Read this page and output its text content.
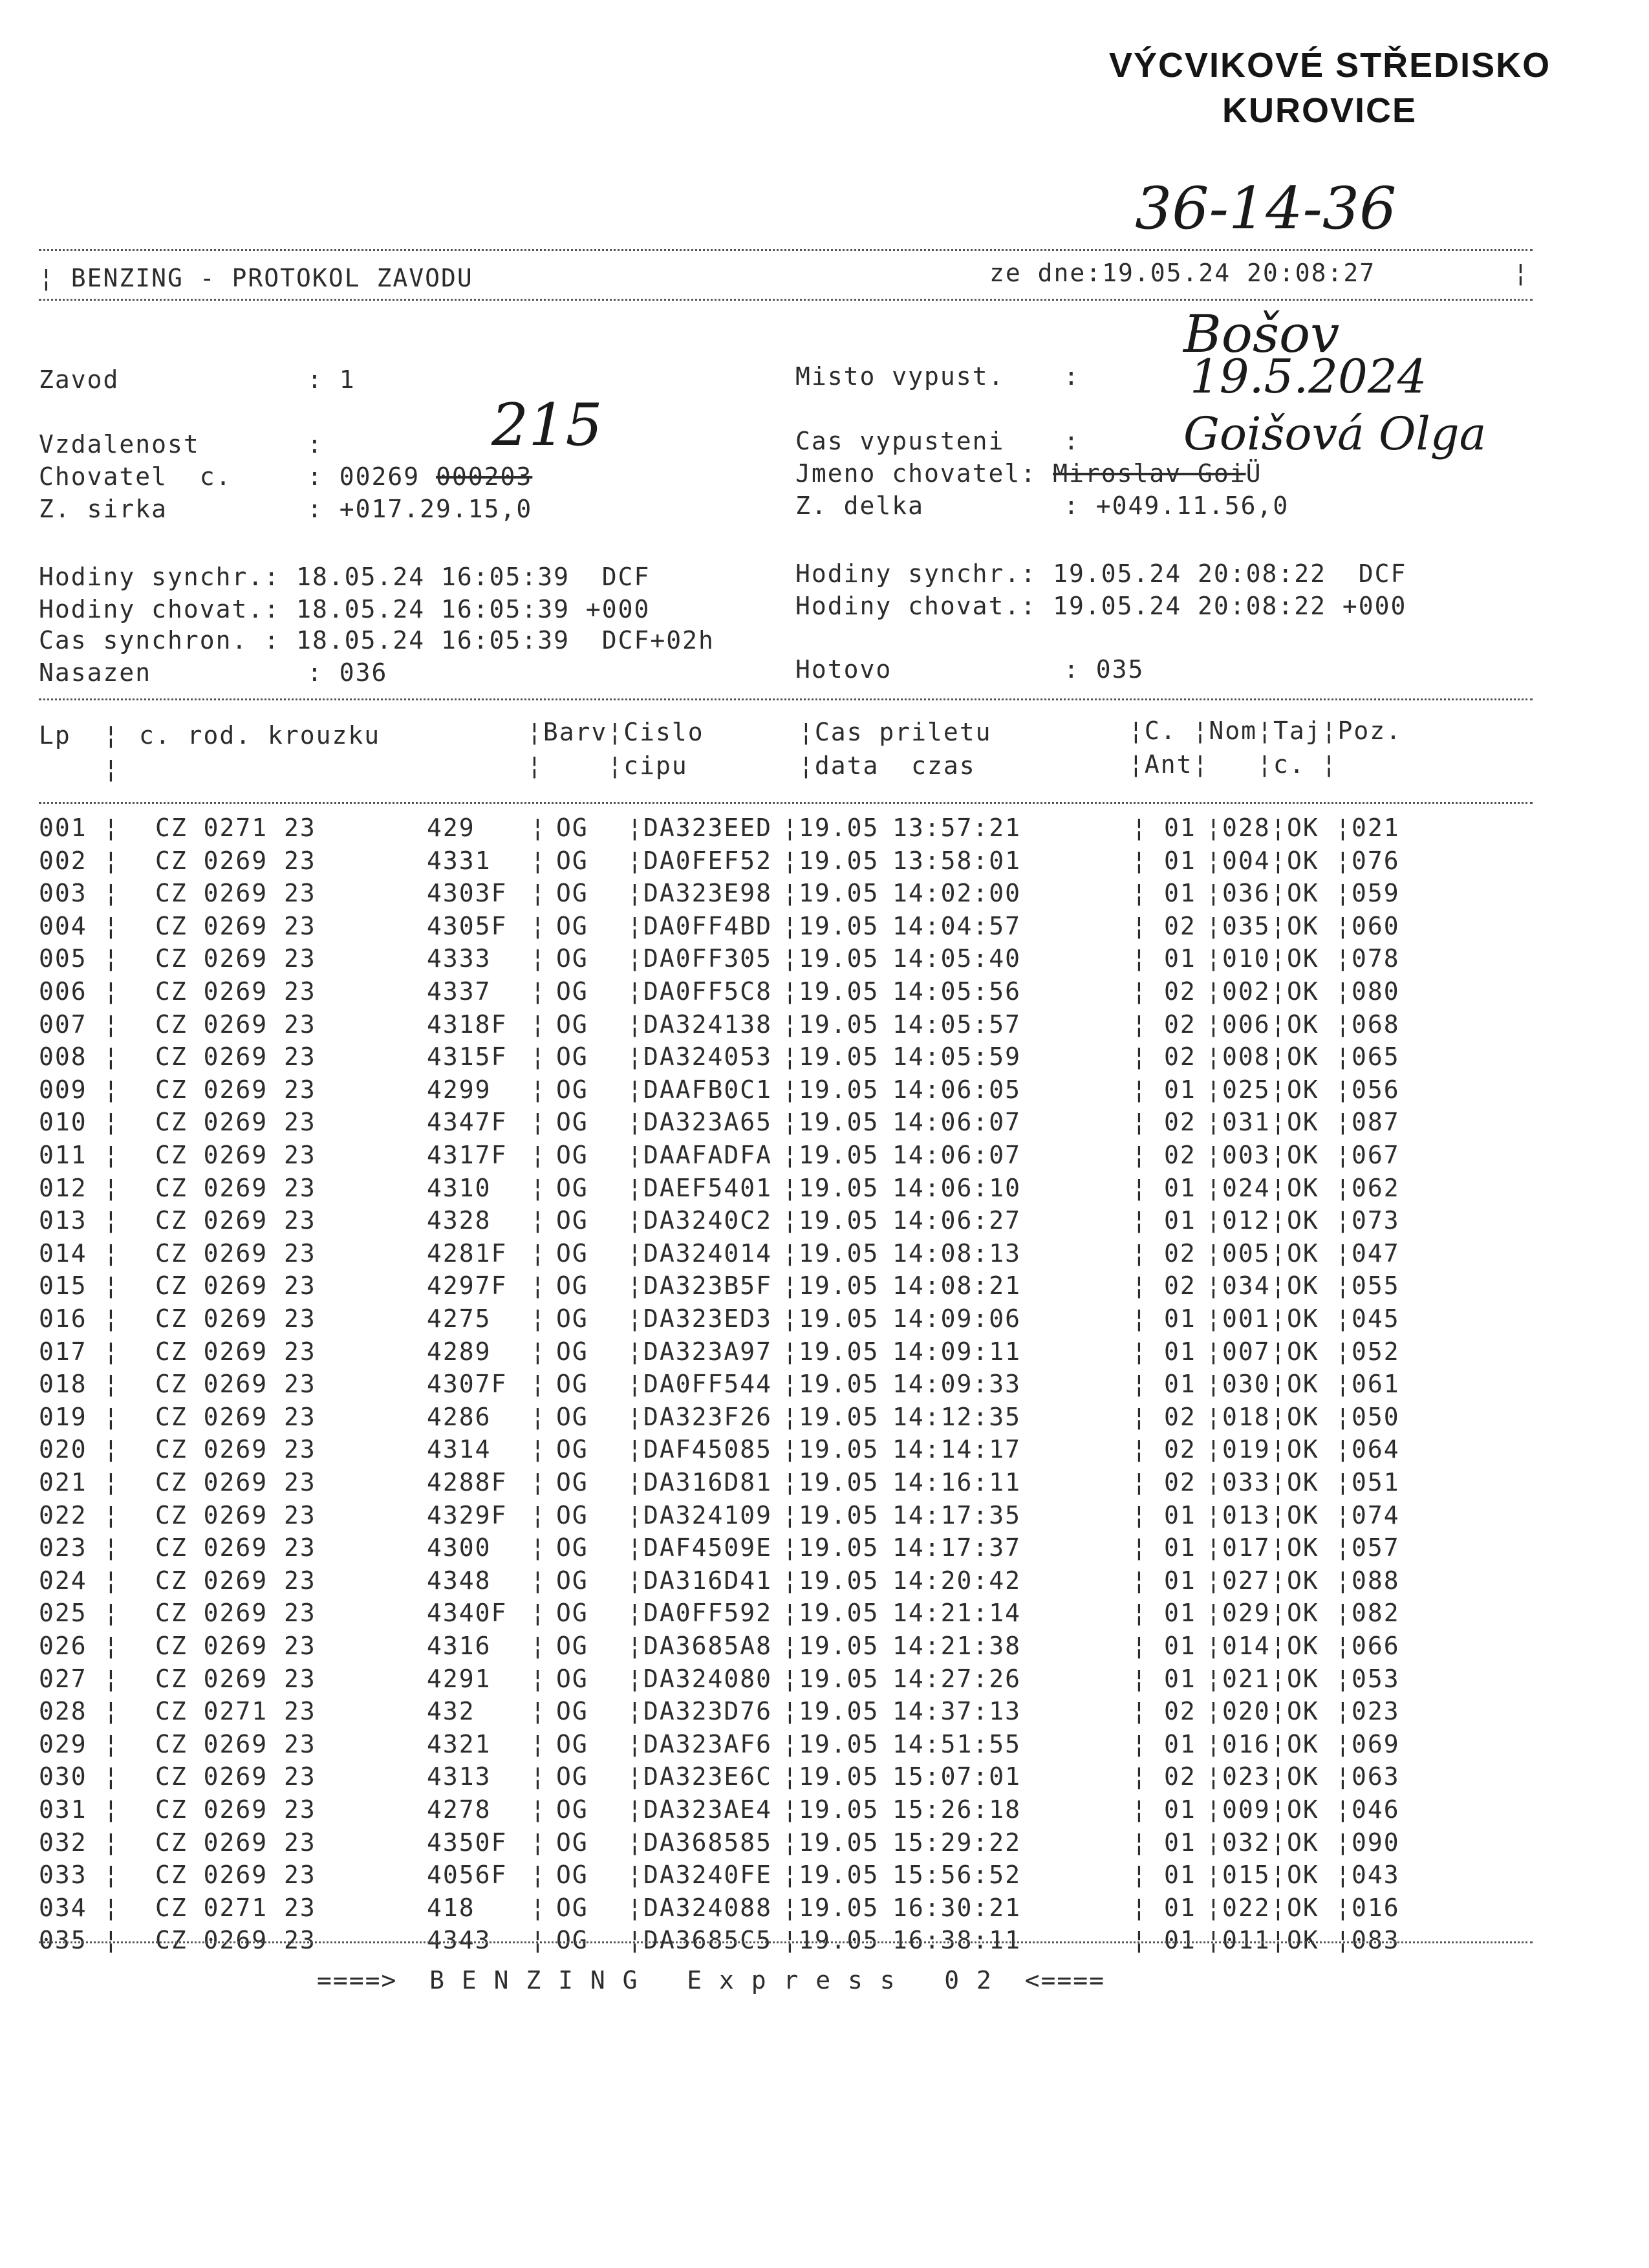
VÝCVIKOVÉ STŘEDISKO
KUROVICE
36-14-36
¦ BENZING - PROTOKOL ZAVODU	ze dne:19.05.24 20:08:27	¦
Bošov
19.5.2024
Zavod	: 1	Misto vypust. :
215
Vzdalenost	:	Cas vypusteni : Goišová Olga
Chovatel  c.	: 00269 000203	Jmeno chovatel: Miroslav GoiÜ
Z. sirka	: +017.29.15,0	Z. delka	: +049.11.56,0
Hodiny synchr.: 18.05.24 16:05:39  DCF	Hodiny synchr.: 19.05.24 20:08:22  DCF
Hodiny chovat.: 18.05.24 16:05:39 +000	Hodiny chovat.: 19.05.24 20:08:22 +000
Cas synchron. : 18.05.24 16:05:39  DCF+02h
Nasazen	: 036	Hotovo	: 035
Lp ¦ c. rod. krouzku	¦Barv¦Cislo	¦Cas priletu	¦C. ¦Nom¦Taj¦Poz.
¦	¦    ¦cipu	¦data  czas	¦Ant¦   ¦c. ¦
001 ¦ CZ 0271 23	429 ¦ OG ¦ DA323EED ¦ 19.05 13:57:21	¦ 01 ¦ 028 ¦ OK ¦ 021
002 ¦ CZ 0269 23	4331 ¦ OG ¦ DA0FEF52 ¦ 19.05 13:58:01	¦ 01 ¦ 004 ¦ OK ¦ 076
003 ¦ CZ 0269 23	4303F ¦ OG ¦ DA323E98 ¦ 19.05 14:02:00	¦ 01 ¦ 036 ¦ OK ¦ 059
004 ¦ CZ 0269 23	4305F ¦ OG ¦ DA0FF4BD ¦ 19.05 14:04:57	¦ 02 ¦ 035 ¦ OK ¦ 060
005 ¦ CZ 0269 23	4333 ¦ OG ¦ DA0FF305 ¦ 19.05 14:05:40	¦ 01 ¦ 010 ¦ OK ¦ 078
006 ¦ CZ 0269 23	4337 ¦ OG ¦ DA0FF5C8 ¦ 19.05 14:05:56	¦ 02 ¦ 002 ¦ OK ¦ 080
007 ¦ CZ 0269 23	4318F ¦ OG ¦ DA324138 ¦ 19.05 14:05:57	¦ 02 ¦ 006 ¦ OK ¦ 068
008 ¦ CZ 0269 23	4315F ¦ OG ¦ DA324053 ¦ 19.05 14:05:59	¦ 02 ¦ 008 ¦ OK ¦ 065
009 ¦ CZ 0269 23	4299 ¦ OG ¦ DAAFB0C1 ¦ 19.05 14:06:05	¦ 01 ¦ 025 ¦ OK ¦ 056
010 ¦ CZ 0269 23	4347F ¦ OG ¦ DA323A65 ¦ 19.05 14:06:07	¦ 02 ¦ 031 ¦ OK ¦ 087
011 ¦ CZ 0269 23	4317F ¦ OG ¦ DAAFADFA ¦ 19.05 14:06:07	¦ 02 ¦ 003 ¦ OK ¦ 067
012 ¦ CZ 0269 23	4310 ¦ OG ¦ DAEF5401 ¦ 19.05 14:06:10	¦ 01 ¦ 024 ¦ OK ¦ 062
013 ¦ CZ 0269 23	4328 ¦ OG ¦ DA3240C2 ¦ 19.05 14:06:27	¦ 01 ¦ 012 ¦ OK ¦ 073
014 ¦ CZ 0269 23	4281F ¦ OG ¦ DA324014 ¦ 19.05 14:08:13	¦ 02 ¦ 005 ¦ OK ¦ 047
015 ¦ CZ 0269 23	4297F ¦ OG ¦ DA323B5F ¦ 19.05 14:08:21	¦ 02 ¦ 034 ¦ OK ¦ 055
016 ¦ CZ 0269 23	4275 ¦ OG ¦ DA323ED3 ¦ 19.05 14:09:06	¦ 01 ¦ 001 ¦ OK ¦ 045
017 ¦ CZ 0269 23	4289 ¦ OG ¦ DA323A97 ¦ 19.05 14:09:11	¦ 01 ¦ 007 ¦ OK ¦ 052
018 ¦ CZ 0269 23	4307F ¦ OG ¦ DA0FF544 ¦ 19.05 14:09:33	¦ 01 ¦ 030 ¦ OK ¦ 061
019 ¦ CZ 0269 23	4286 ¦ OG ¦ DA323F26 ¦ 19.05 14:12:35	¦ 02 ¦ 018 ¦ OK ¦ 050
020 ¦ CZ 0269 23	4314 ¦ OG ¦ DAF45085 ¦ 19.05 14:14:17	¦ 02 ¦ 019 ¦ OK ¦ 064
021 ¦ CZ 0269 23	4288F ¦ OG ¦ DA316D81 ¦ 19.05 14:16:11	¦ 02 ¦ 033 ¦ OK ¦ 051
022 ¦ CZ 0269 23	4329F ¦ OG ¦ DA324109 ¦ 19.05 14:17:35	¦ 01 ¦ 013 ¦ OK ¦ 074
023 ¦ CZ 0269 23	4300 ¦ OG ¦ DAF4509E ¦ 19.05 14:17:37	¦ 01 ¦ 017 ¦ OK ¦ 057
024 ¦ CZ 0269 23	4348 ¦ OG ¦ DA316D41 ¦ 19.05 14:20:42	¦ 01 ¦ 027 ¦ OK ¦ 088
025 ¦ CZ 0269 23	4340F ¦ OG ¦ DA0FF592 ¦ 19.05 14:21:14	¦ 01 ¦ 029 ¦ OK ¦ 082
026 ¦ CZ 0269 23	4316 ¦ OG ¦ DA3685A8 ¦ 19.05 14:21:38	¦ 01 ¦ 014 ¦ OK ¦ 066
027 ¦ CZ 0269 23	4291 ¦ OG ¦ DA324080 ¦ 19.05 14:27:26	¦ 01 ¦ 021 ¦ OK ¦ 053
028 ¦ CZ 0271 23	432 ¦ OG ¦ DA323D76 ¦ 19.05 14:37:13	¦ 02 ¦ 020 ¦ OK ¦ 023
029 ¦ CZ 0269 23	4321 ¦ OG ¦ DA323AF6 ¦ 19.05 14:51:55	¦ 01 ¦ 016 ¦ OK ¦ 069
030 ¦ CZ 0269 23	4313 ¦ OG ¦ DA323E6C ¦ 19.05 15:07:01	¦ 02 ¦ 023 ¦ OK ¦ 063
031 ¦ CZ 0269 23	4278 ¦ OG ¦ DA323AE4 ¦ 19.05 15:26:18	¦ 01 ¦ 009 ¦ OK ¦ 046
032 ¦ CZ 0269 23	4350F ¦ OG ¦ DA368585 ¦ 19.05 15:29:22	¦ 01 ¦ 032 ¦ OK ¦ 090
033 ¦ CZ 0269 23	4056F ¦ OG ¦ DA3240FE ¦ 19.05 15:56:52	¦ 01 ¦ 015 ¦ OK ¦ 043
034 ¦ CZ 0271 23	418 ¦ OG ¦ DA324088 ¦ 19.05 16:30:21	¦ 01 ¦ 022 ¦ OK ¦ 016
035 ¦ CZ 0269 23	4343 ¦ OG ¦ DA3685C5 ¦ 19.05 16:38:11	¦ 01 ¦ 011 ¦ OK ¦ 083
====>  B E N Z I N G   E x p r e s s   0 2  <====
